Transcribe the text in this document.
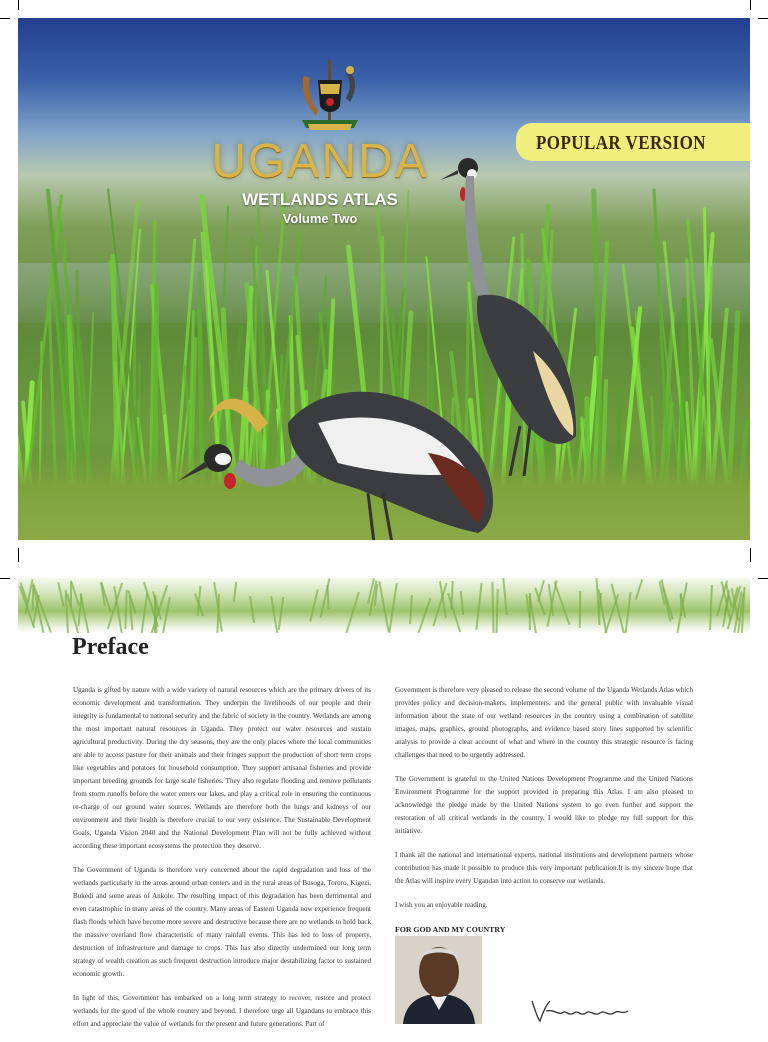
UGANDA
WETLANDS ATLAS
Volume Two
POPULAR VERSION
Preface

Uganda is gifted by nature with a wide variety of natural resources which are the primary drivers of its economic development and transformation. They underpin the livelihoods of our people and their integrity is fundamental to national security and the fabric of society in the country. Wetlands are among the most important natural resources in Uganda. They protect our water resources and sustain agricultural productivity. During the dry seasons, they are the only places where the local communities are able to access pasture for their animals and their fringes support the production of short term crops like vegetables and potatoes for household consumption. They support artisanal fisheries and provide important breeding grounds for large scale fisheries. They also regulate flooding and remove pollutants from storm runoffs before the water enters our lakes, and play a critical role in ensuring the continuous re-charge of our ground water sources. Wetlands are therefore both the lungs and kidneys of our environment and their health is therefore crucial to our very existence. The Sustainable Development Goals, Uganda Vision 2040 and the National Development Plan will not be fully achieved without according these important ecosystems the protection they deserve.

The Government of Uganda is therefore very concerned about the rapid degradation and loss of the wetlands particularly in the areas around urban centers and in the rural areas of Busoga, Tororo, Kigezi, Bukedi and some areas of Ankole. The resulting impact of this degradation has been detrimental and even catastrophic in many areas of the country. Many areas of Eastern Uganda now experience frequent flash floods which have become more severe and destructive because there are no wetlands to hold back the massive overland flow characteristic of many rainfall events. This has led to loss of property, destruction of infrastructure and damage to crops. This has also directly undermined our long term strategy of wealth creation as such frequent destruction introduce major destabilizing factor to sustained economic growth.

In light of this, Government has embarked on a long term strategy to recover, restore and protect wetlands for the good of the whole country and beyond. I therefore urge all Ugandans to embrace this effort and appreciate the value of wetlands for the present and future generations. Part of

Government is therefore very pleased to release the second volume of the Uganda Wetlands Atlas which provides policy and decision-makers, implementers, and the general public with invaluable visual information about the state of our wetland resources in the country using a combination of satellite images, maps, graphics, ground photographs, and evidence based story lines supported by scientific analysis to provide a clear account of what and where in the country this strategic resource is facing challenges that need to be urgently addressed.

The Government is grateful to the United Nations Development Programme and the United Nations Environment Programme for the support provided in preparing this Atlas. I am also pleased to acknowledge the pledge made by the United Nations system to go even further and support the restoration of all critical wetlands in the country. I would like to pledge my full support for this initiative.

I thank all the national and international experts, national institutions and development partners whose contribution has made it possible to produce this very important publication.It is my sincere hope that the Atlas will inspire every Ugandan into action to conserve our wetlands.

I wish you an enjoyable reading.

FOR GOD AND MY COUNTRY
